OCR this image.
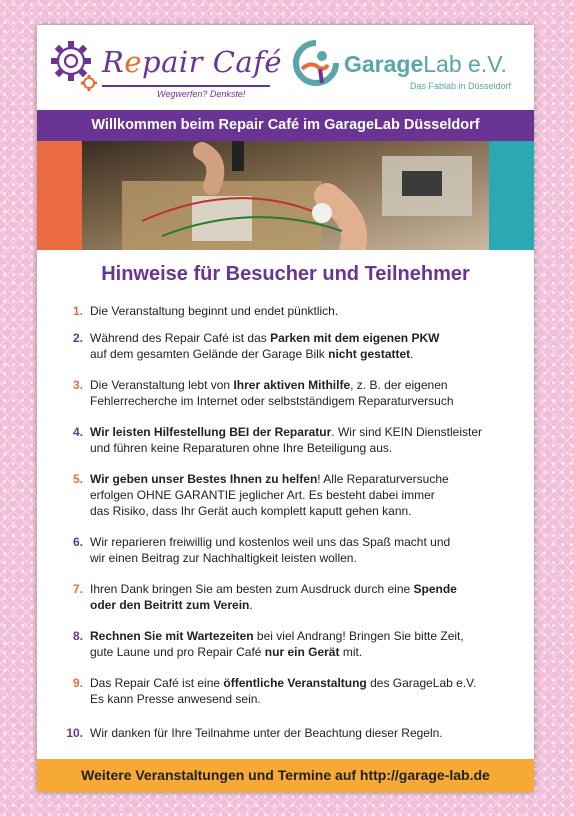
Repair Café
Wegwerfen? Denkste!
GarageLab e.V.
Das Fablab in Düsseldorf
Willkommen beim Repair Café im GarageLab Düsseldorf
Hinweise für Besucher und Teilnehmer
1. Die Veranstaltung beginnt und endet pünktlich.
2. Während des Repair Café ist das Parken mit dem eigenen PKW
auf dem gesamten Gelände der Garage Bilk nicht gestattet.
3. Die Veranstaltung lebt von Ihrer aktiven Mithilfe, z. B. der eigenen
Fehlerrecherche im Internet oder selbstständigem Reparaturversuch
4. Wir leisten Hilfestellung BEI der Reparatur. Wir sind KEIN Dienstleister
und führen keine Reparaturen ohne Ihre Beteiligung aus.
5. Wir geben unser Bestes Ihnen zu helfen! Alle Reparaturversuche
erfolgen OHNE GARANTIE jeglicher Art. Es besteht dabei immer
das Risiko, dass Ihr Gerät auch komplett kaputt gehen kann.
6. Wir reparieren freiwillig und kostenlos weil uns das Spaß macht und
wir einen Beitrag zur Nachhaltigkeit leisten wollen.
7. Ihren Dank bringen Sie am besten zum Ausdruck durch eine Spende
oder den Beitritt zum Verein.
8. Rechnen Sie mit Wartezeiten bei viel Andrang! Bringen Sie bitte Zeit,
gute Laune und pro Repair Café nur ein Gerät mit.
9. Das Repair Café ist eine öffentliche Veranstaltung des GarageLab e.V.
Es kann Presse anwesend sein.
10. Wir danken für Ihre Teilnahme unter der Beachtung dieser Regeln.
Weitere Veranstaltungen und Termine auf http://garage-lab.de
